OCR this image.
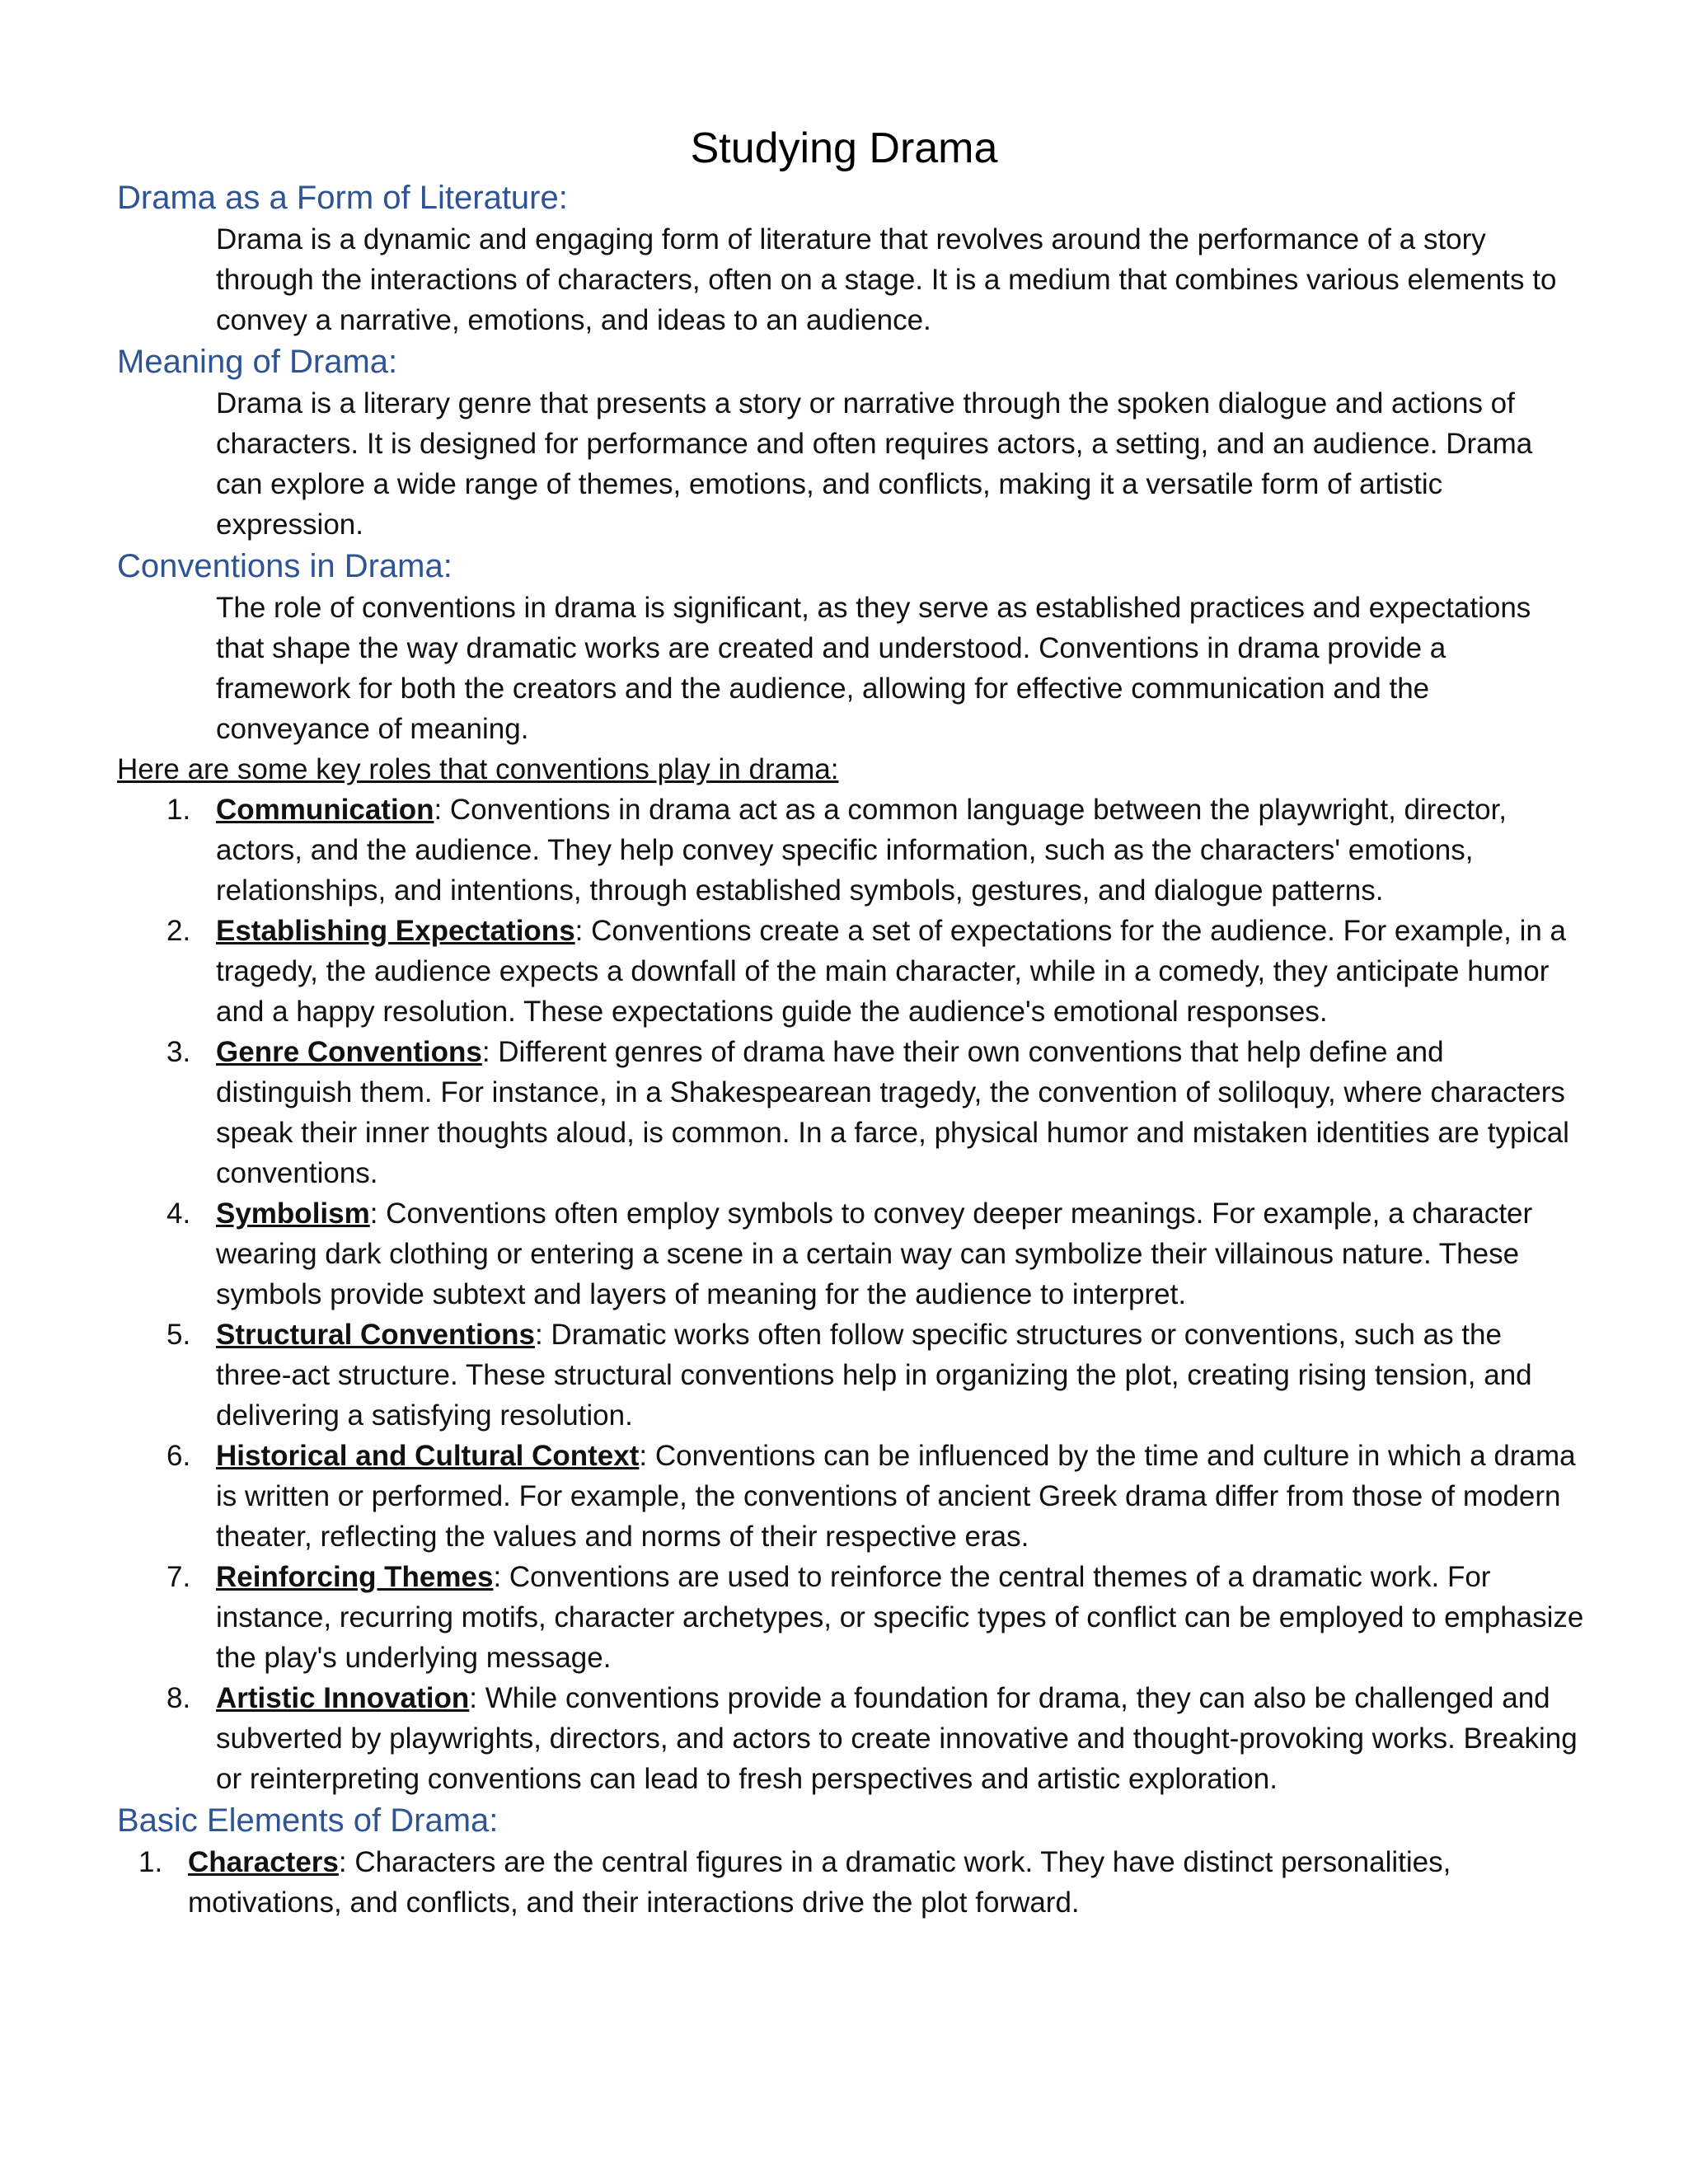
Studying Drama
Drama as a Form of Literature:

Drama is a dynamic and engaging form of literature that revolves around the performance of a story through the interactions of characters, often on a stage. It is a medium that combines various elements to convey a narrative, emotions, and ideas to an audience.

Meaning of Drama:

Drama is a literary genre that presents a story or narrative through the spoken dialogue and actions of characters. It is designed for performance and often requires actors, a setting, and an audience. Drama can explore a wide range of themes, emotions, and conflicts, making it a versatile form of artistic expression.

Conventions in Drama:

The role of conventions in drama is significant, as they serve as established practices and expectations that shape the way dramatic works are created and understood. Conventions in drama provide a framework for both the creators and the audience, allowing for effective communication and the conveyance of meaning.

Here are some key roles that conventions play in drama:

1. Communication: Conventions in drama act as a common language between the playwright, director, actors, and the audience. They help convey specific information, such as the characters' emotions, relationships, and intentions, through established symbols, gestures, and dialogue patterns.
2. Establishing Expectations: Conventions create a set of expectations for the audience. For example, in a tragedy, the audience expects a downfall of the main character, while in a comedy, they anticipate humor and a happy resolution. These expectations guide the audience's emotional responses.
3. Genre Conventions: Different genres of drama have their own conventions that help define and distinguish them. For instance, in a Shakespearean tragedy, the convention of soliloquy, where characters speak their inner thoughts aloud, is common. In a farce, physical humor and mistaken identities are typical conventions.
4. Symbolism: Conventions often employ symbols to convey deeper meanings. For example, a character wearing dark clothing or entering a scene in a certain way can symbolize their villainous nature. These symbols provide subtext and layers of meaning for the audience to interpret.
5. Structural Conventions: Dramatic works often follow specific structures or conventions, such as the three-act structure. These structural conventions help in organizing the plot, creating rising tension, and delivering a satisfying resolution.
6. Historical and Cultural Context: Conventions can be influenced by the time and culture in which a drama is written or performed. For example, the conventions of ancient Greek drama differ from those of modern theater, reflecting the values and norms of their respective eras.
7. Reinforcing Themes: Conventions are used to reinforce the central themes of a dramatic work. For instance, recurring motifs, character archetypes, or specific types of conflict can be employed to emphasize the play's underlying message.
8. Artistic Innovation: While conventions provide a foundation for drama, they can also be challenged and subverted by playwrights, directors, and actors to create innovative and thought-provoking works. Breaking or reinterpreting conventions can lead to fresh perspectives and artistic exploration.
Basic Elements of Drama:
1. Characters: Characters are the central figures in a dramatic work. They have distinct personalities, motivations, and conflicts, and their interactions drive the plot forward.
